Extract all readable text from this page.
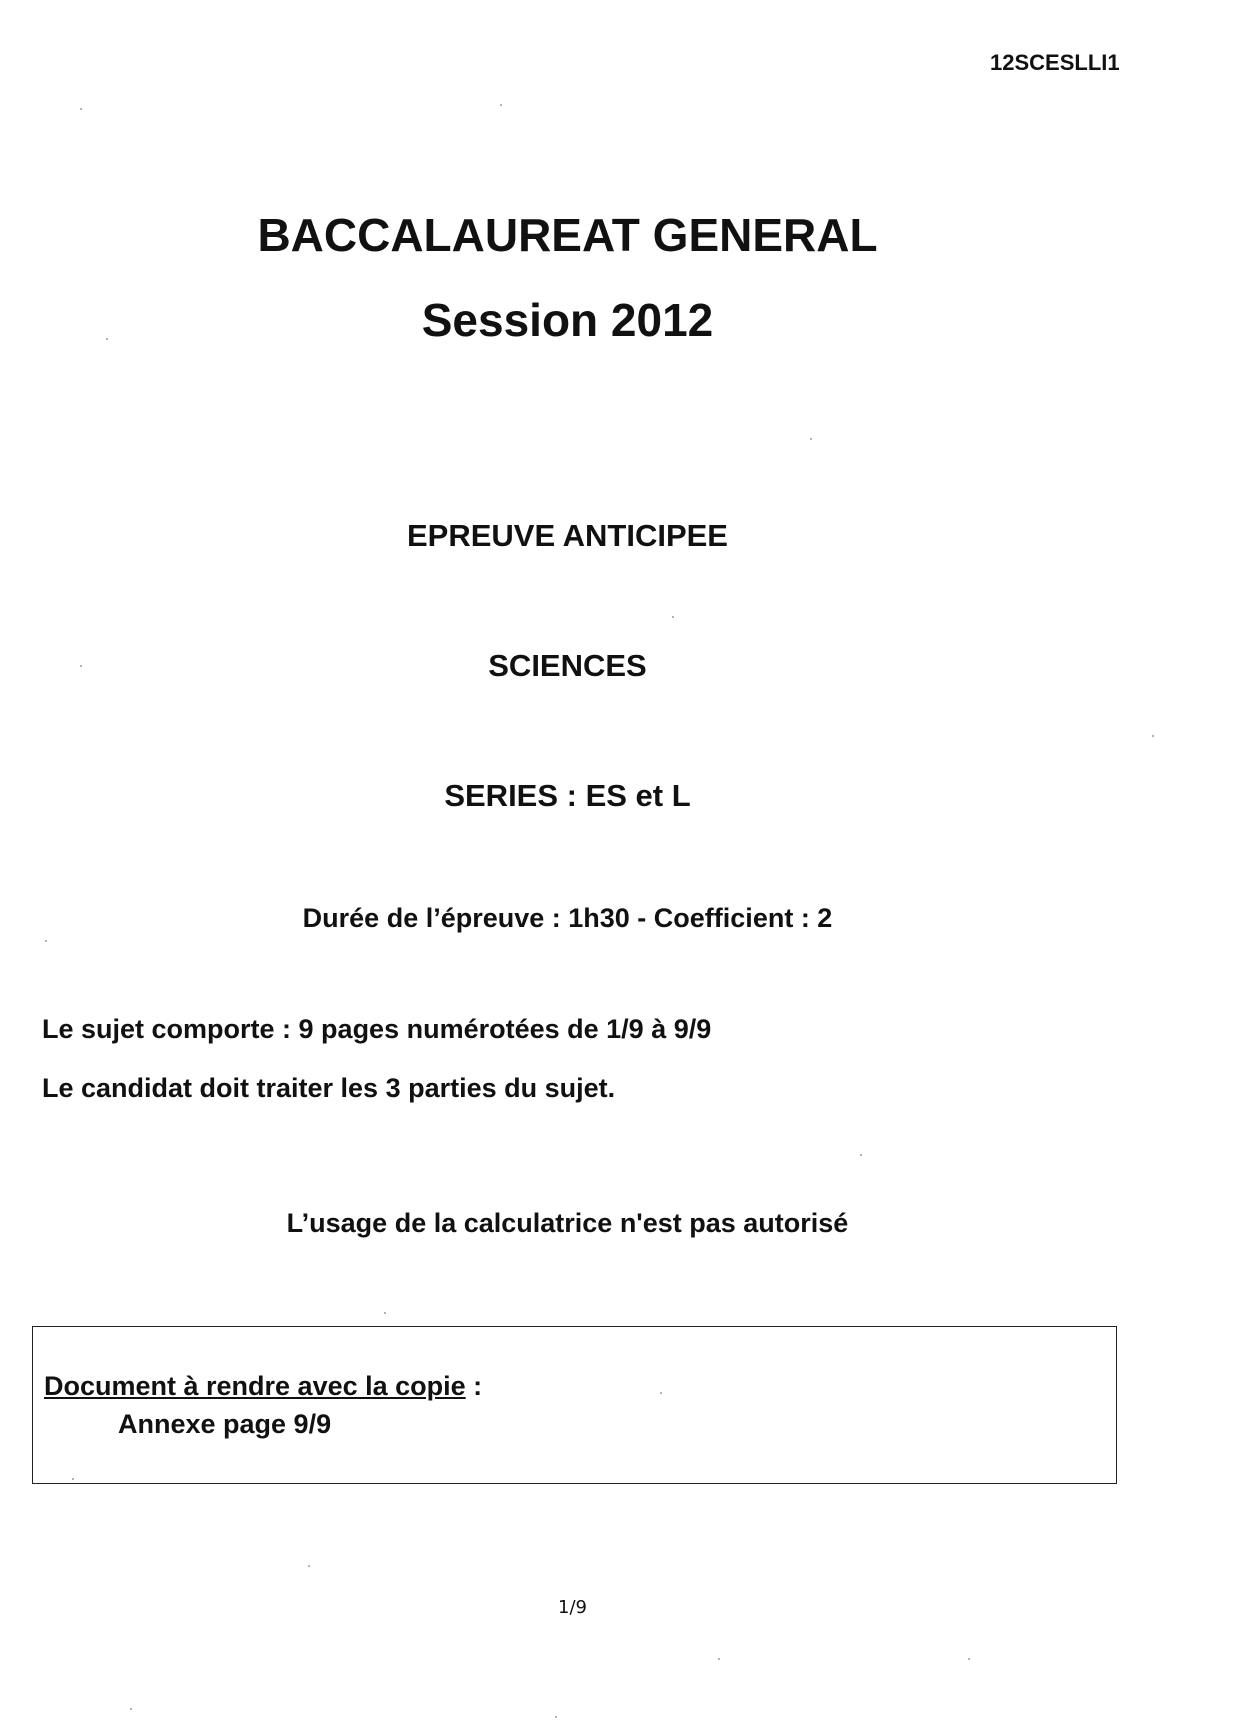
12SCESLLI1
BACCALAUREAT GENERAL
Session 2012
EPREUVE ANTICIPEE
SCIENCES
SERIES : ES et L
Durée de l’épreuve : 1h30 - Coefficient : 2
Le sujet comporte : 9 pages numérotées de 1/9 à 9/9
Le candidat doit traiter les 3 parties du sujet.
L’usage de la calculatrice n'est pas autorisé
Document à rendre avec la copie :
Annexe page 9/9
1/9
